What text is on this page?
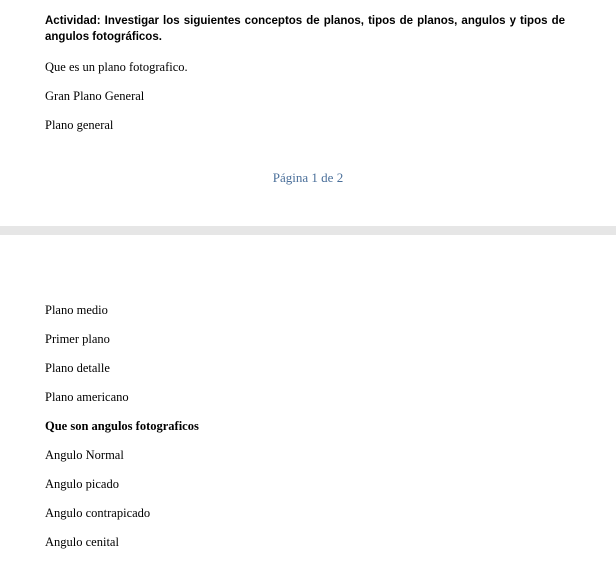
Actividad: Investigar los siguientes conceptos de planos, tipos de planos, angulos y tipos de angulos fotográficos.
Que es un plano fotografico.
Gran Plano General
Plano general
Página 1 de 2
Plano medio
Primer plano
Plano detalle
Plano americano
Que son angulos fotograficos
Angulo Normal
Angulo picado
Angulo contrapicado
Angulo cenital
